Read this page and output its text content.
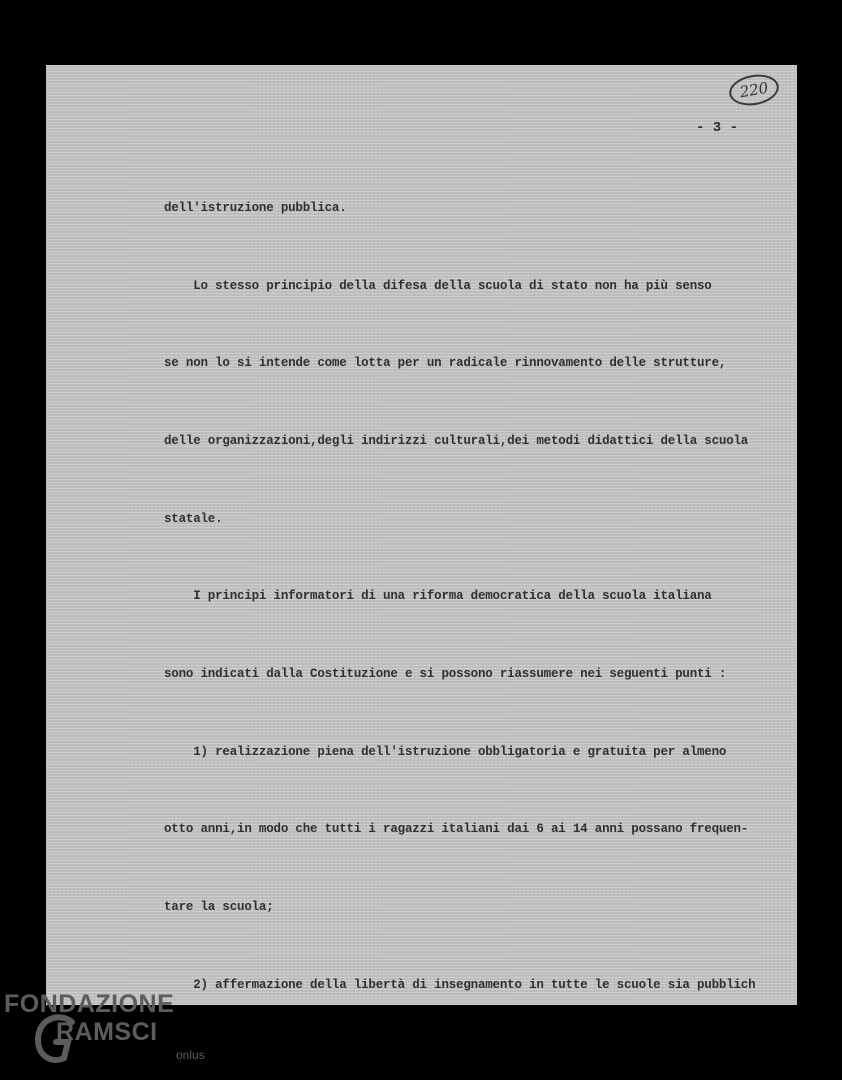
220
- 3 -

dell'istruzione pubblica.

Lo stesso principio della difesa della scuola di stato non ha più senso

se non lo si intende come lotta per un radicale rinnovamento delle strutture,

delle organizzazioni,degli indirizzi culturali,dei metodi didattici della scuola

statale.

I principi informatori di una riforma democratica della scuola italiana

sono indicati dalla Costituzione e si possono riassumere nei seguenti punti :

1) realizzazione piena dell'istruzione obbligatoria e gratuita per almeno

otto anni,in modo che tutti i ragazzi italiani dai 6 ai 14 anni possano frequen-

tare la scuola;

2) affermazione della libertà di insegnamento in tutte le scuole sia pubblich

FONDAZIONE
RAMSCI
onlus
